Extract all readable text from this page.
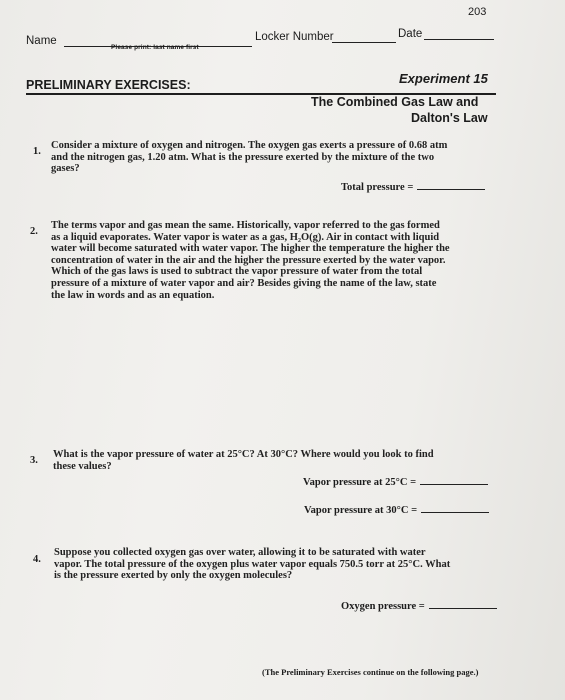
203
Name	Locker Number	Date
Please print: last name first
PRELIMINARY EXERCISES:	Experiment 15
The Combined Gas Law and
Dalton's Law
1.
Consider a mixture of oxygen and nitrogen. The oxygen gas exerts a pressure of 0.68 atm
and the nitrogen gas, 1.20 atm. What is the pressure exerted by the mixture of the two
gases?
Total pressure =
2.
The terms vapor and gas mean the same. Historically, vapor referred to the gas formed
as a liquid evaporates. Water vapor is water as a gas, H₂O(g). Air in contact with liquid
water will become saturated with water vapor. The higher the temperature the higher the
concentration of water in the air and the higher the pressure exerted by the water vapor.
Which of the gas laws is used to subtract the vapor pressure of water from the total
pressure of a mixture of water vapor and air? Besides giving the name of the law, state
the law in words and as an equation.
3.
What is the vapor pressure of water at 25°C? At 30°C? Where would you look to find
these values?
Vapor pressure at 25°C =
Vapor pressure at 30°C =
4.
Suppose you collected oxygen gas over water, allowing it to be saturated with water
vapor. The total pressure of the oxygen plus water vapor equals 750.5 torr at 25°C. What
is the pressure exerted by only the oxygen molecules?
Oxygen pressure =
(The Preliminary Exercises continue on the following page.)
